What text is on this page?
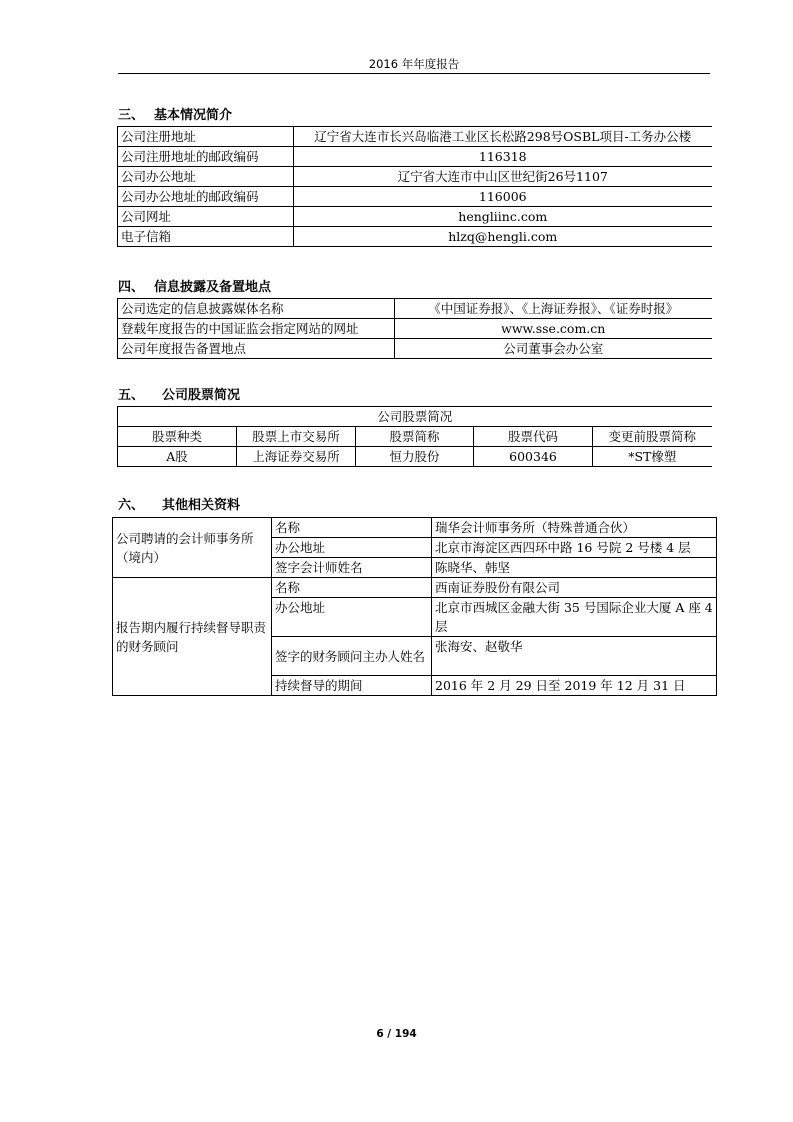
2016 年年度报告
三、 基本情况简介
公司注册地址	辽宁省大连市长兴岛临港工业区长松路298号OSBL项目-工务办公楼
公司注册地址的邮政编码	116318
公司办公地址	辽宁省大连市中山区世纪街26号1107
公司办公地址的邮政编码	116006
公司网址	hengliinc.com
电子信箱	hlzq@hengli.com
四、 信息披露及备置地点
公司选定的信息披露媒体名称	《中国证券报》、《上海证券报》、《证券时报》
登载年度报告的中国证监会指定网站的网址	www.sse.com.cn
公司年度报告备置地点	公司董事会办公室
五、 公司股票简况
公司股票简况				
股票种类	股票上市交易所	股票简称	股票代码	变更前股票简称
A股	上海证券交易所	恒力股份	600346	*ST橡塑
六、 其他相关资料
公司聘请的会计师事务所（境内）	名称	瑞华会计师事务所（特殊普通合伙）
	办公地址	北京市海淀区西四环中路 16 号院 2 号楼 4 层
	签字会计师姓名	陈晓华、韩坚
报告期内履行持续督导职责的财务顾问	名称	西南证券股份有限公司
	办公地址	北京市西城区金融大街 35 号国际企业大厦 A 座 4 层
	签字的财务顾问主办人姓名	张海安、赵敬华
	持续督导的期间	2016 年 2 月 29 日至 2019 年 12 月 31 日
6 / 194
